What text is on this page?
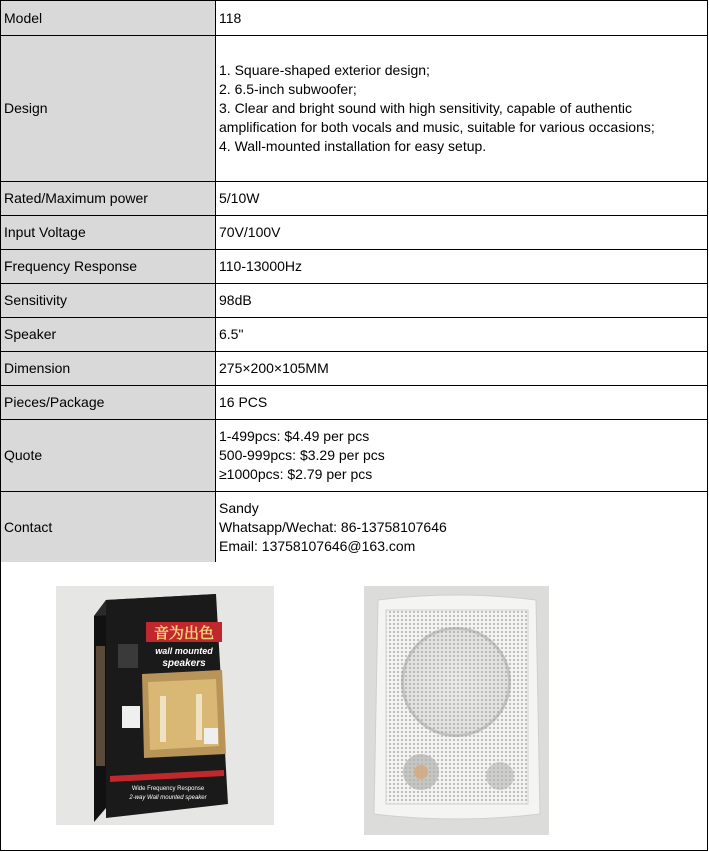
Model	118

Design	1. Square-shaped exterior design;
2. 6.5-inch subwoofer;
3. Clear and bright sound with high sensitivity, capable of authentic
amplification for both vocals and music, suitable for various occasions;
4. Wall-mounted installation for easy setup.

Rated/Maximum power	5/10W

Input Voltage	70V/100V

Frequency Response	110-13000Hz

Sensitivity	98dB

Speaker	6.5"

Dimension	275×200×105MM

Pieces/Package	16 PCS

Quote	1-499pcs: $4.49 per pcs
500-999pcs: $3.29 per pcs
≥1000pcs: $2.79 per pcs

Contact	Sandy
Whatsapp/Wechat: 86-13758107646
Email: 13758107646@163.com
音为出色
wall mounted
speakers
Wide Frequency Response
2-way Wall mounted speaker
